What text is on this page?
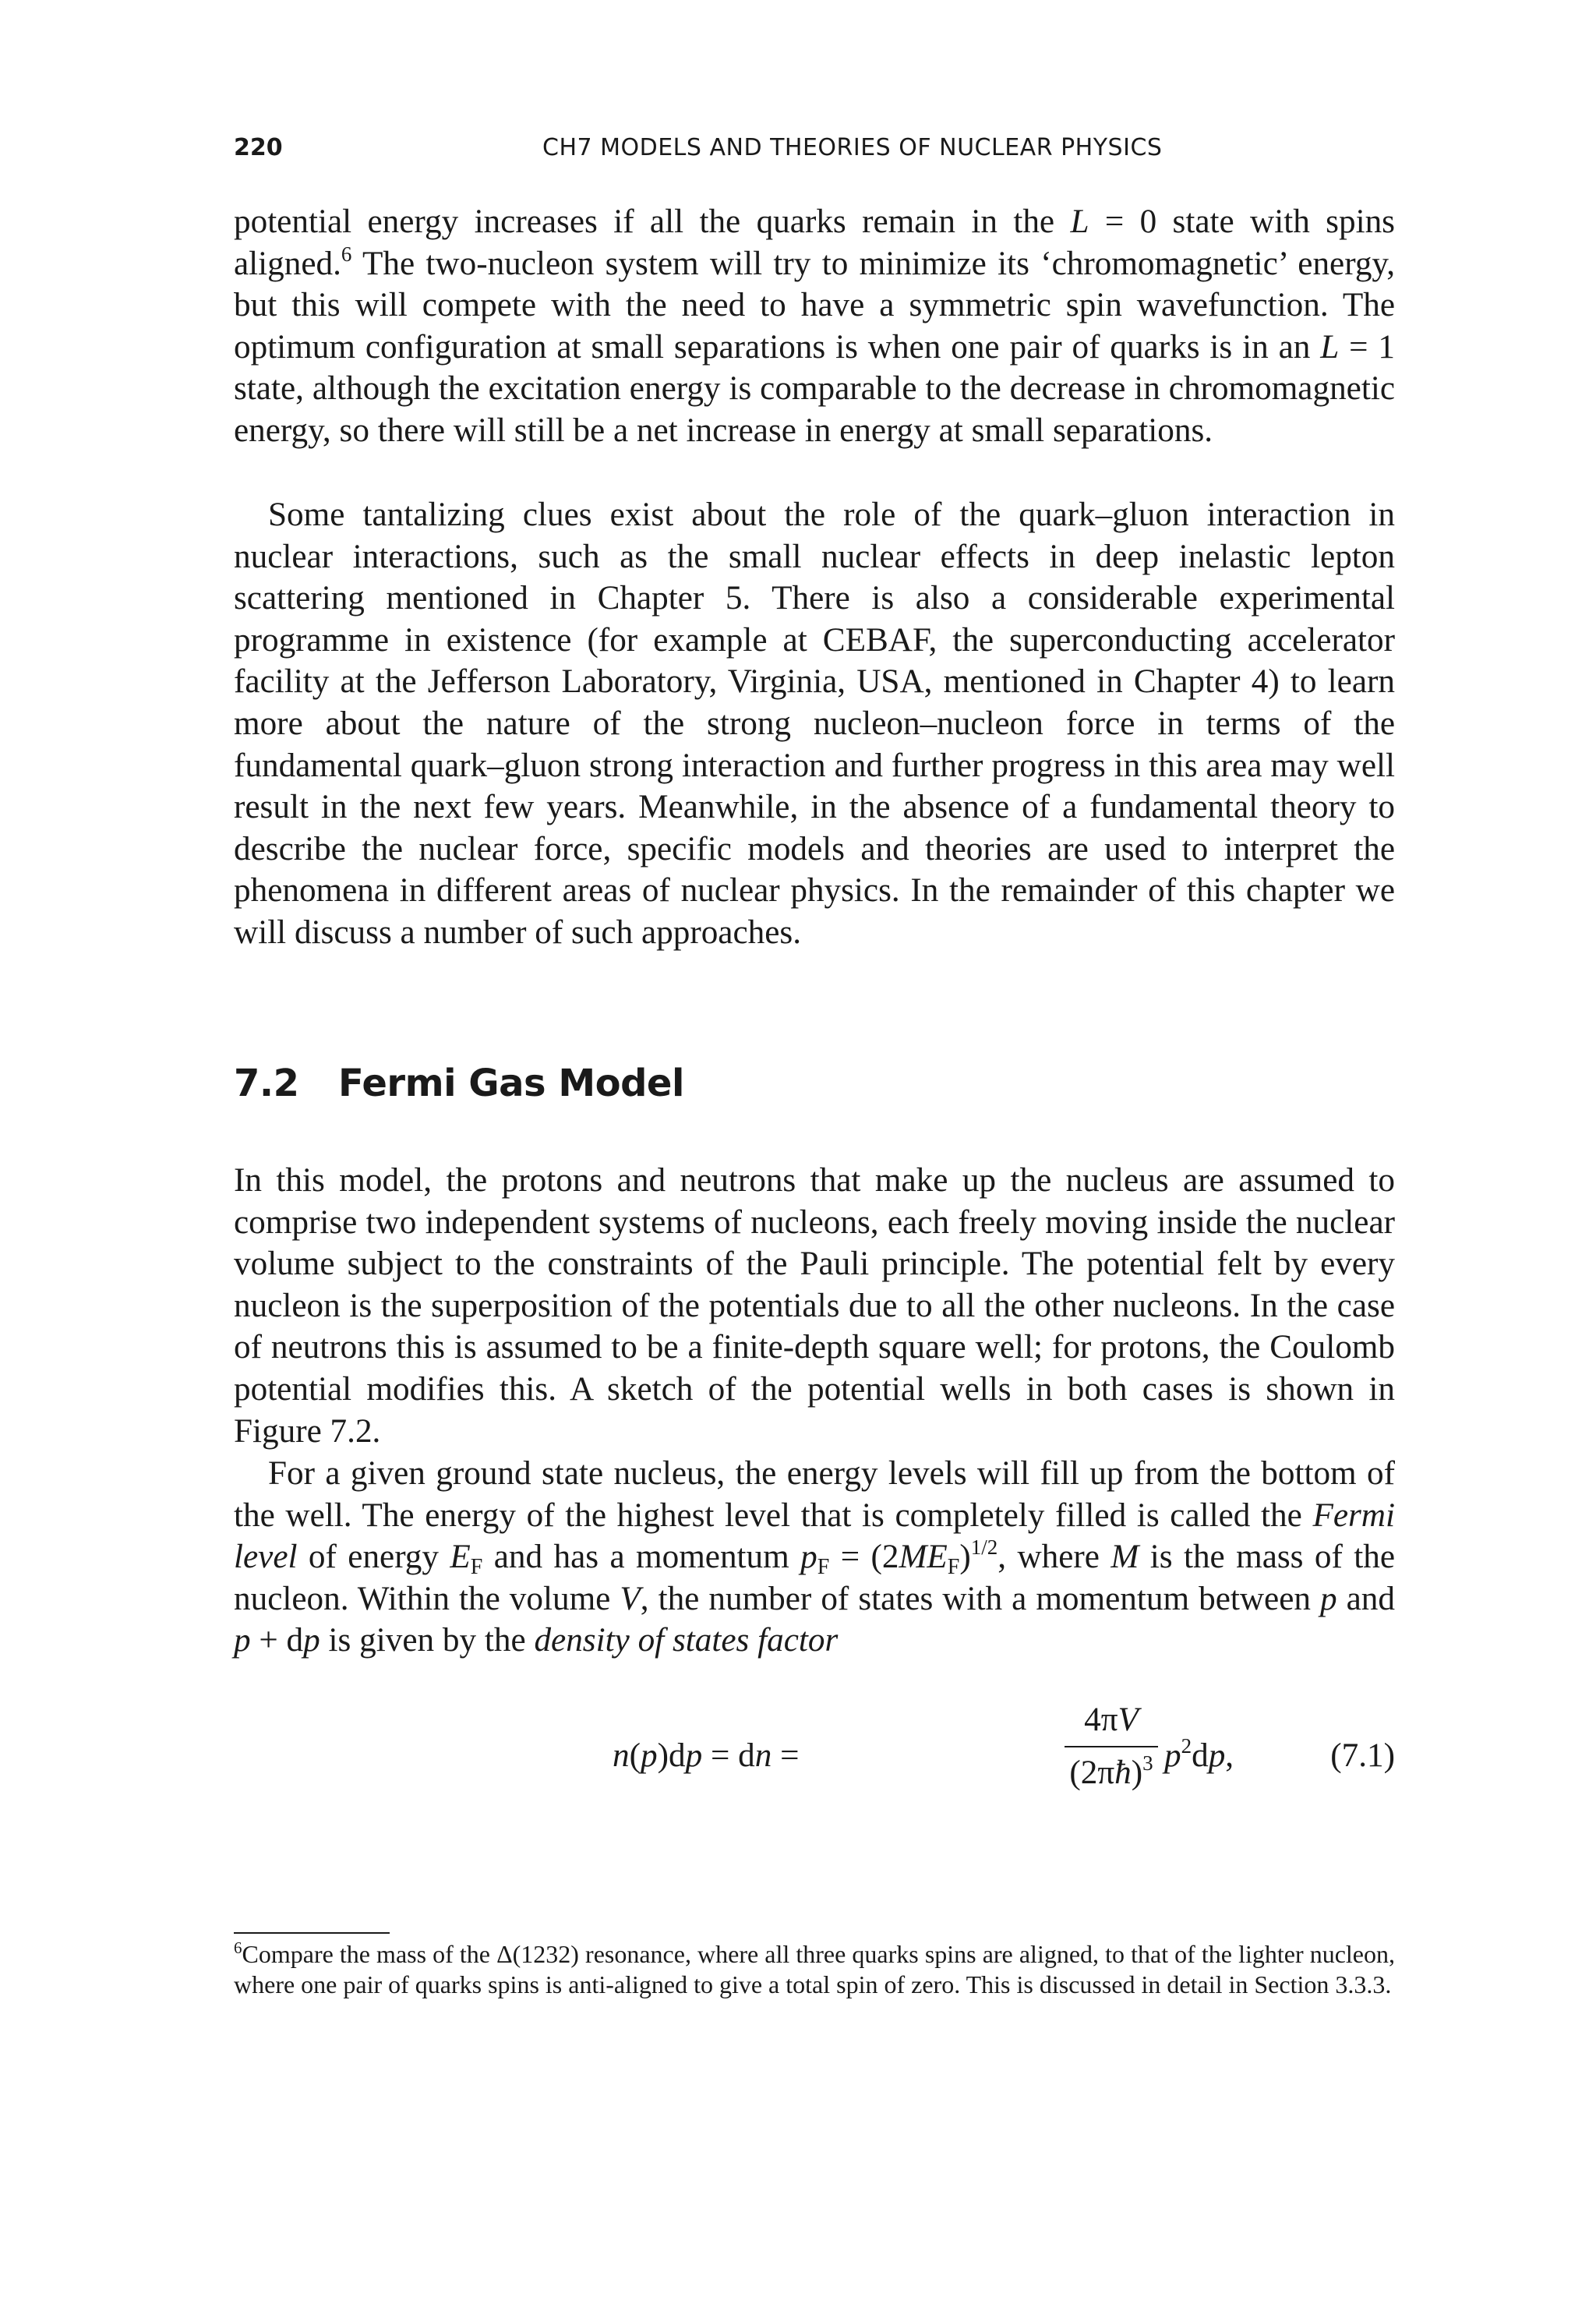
220	CH7 MODELS AND THEORIES OF NUCLEAR PHYSICS

potential energy increases if all the quarks remain in the L = 0 state with spins aligned.$^6$ The two-nucleon system will try to minimize its ‘chromomagnetic’ energy, but this will compete with the need to have a symmetric spin wavefunction. The optimum configuration at small separations is when one pair of quarks is in an L = 1 state, although the excitation energy is comparable to the decrease in chromomagnetic energy, so there will still be a net increase in energy at small separations.

Some tantalizing clues exist about the role of the quark–gluon interaction in nuclear interactions, such as the small nuclear effects in deep inelastic lepton scattering mentioned in Chapter 5. There is also a considerable experimental programme in existence (for example at CEBAF, the superconducting accelerator facility at the Jefferson Laboratory, Virginia, USA, mentioned in Chapter 4) to learn more about the nature of the strong nucleon–nucleon force in terms of the fundamental quark–gluon strong interaction and further progress in this area may well result in the next few years. Meanwhile, in the absence of a fundamental theory to describe the nuclear force, specific models and theories are used to interpret the phenomena in different areas of nuclear physics. In the remainder of this chapter we will discuss a number of such approaches.

7.2 Fermi Gas Model

In this model, the protons and neutrons that make up the nucleus are assumed to comprise two independent systems of nucleons, each freely moving inside the nuclear volume subject to the constraints of the Pauli principle. The potential felt by every nucleon is the superposition of the potentials due to all the other nucleons. In the case of neutrons this is assumed to be a finite-depth square well; for protons, the Coulomb potential modifies this. A sketch of the potential wells in both cases is shown in Figure 7.2.

For a given ground state nucleus, the energy levels will fill up from the bottom of the well. The energy of the highest level that is completely filled is called the Fermi level of energy $E_F$ and has a momentum $p_F = (2ME_F)^{1/2}$, where M is the mass of the nucleon. Within the volume V, the number of states with a momentum between p and p + dp is given by the density of states factor

n(p)dp = dn =
4πV
(2πħ)$^3$ $p^2dp$,	(7.1)

$^6$Compare the mass of the Δ(1232) resonance, where all three quarks spins are aligned, to that of the lighter nucleon, where one pair of quarks spins is anti-aligned to give a total spin of zero. This is discussed in detail in Section 3.3.3.
